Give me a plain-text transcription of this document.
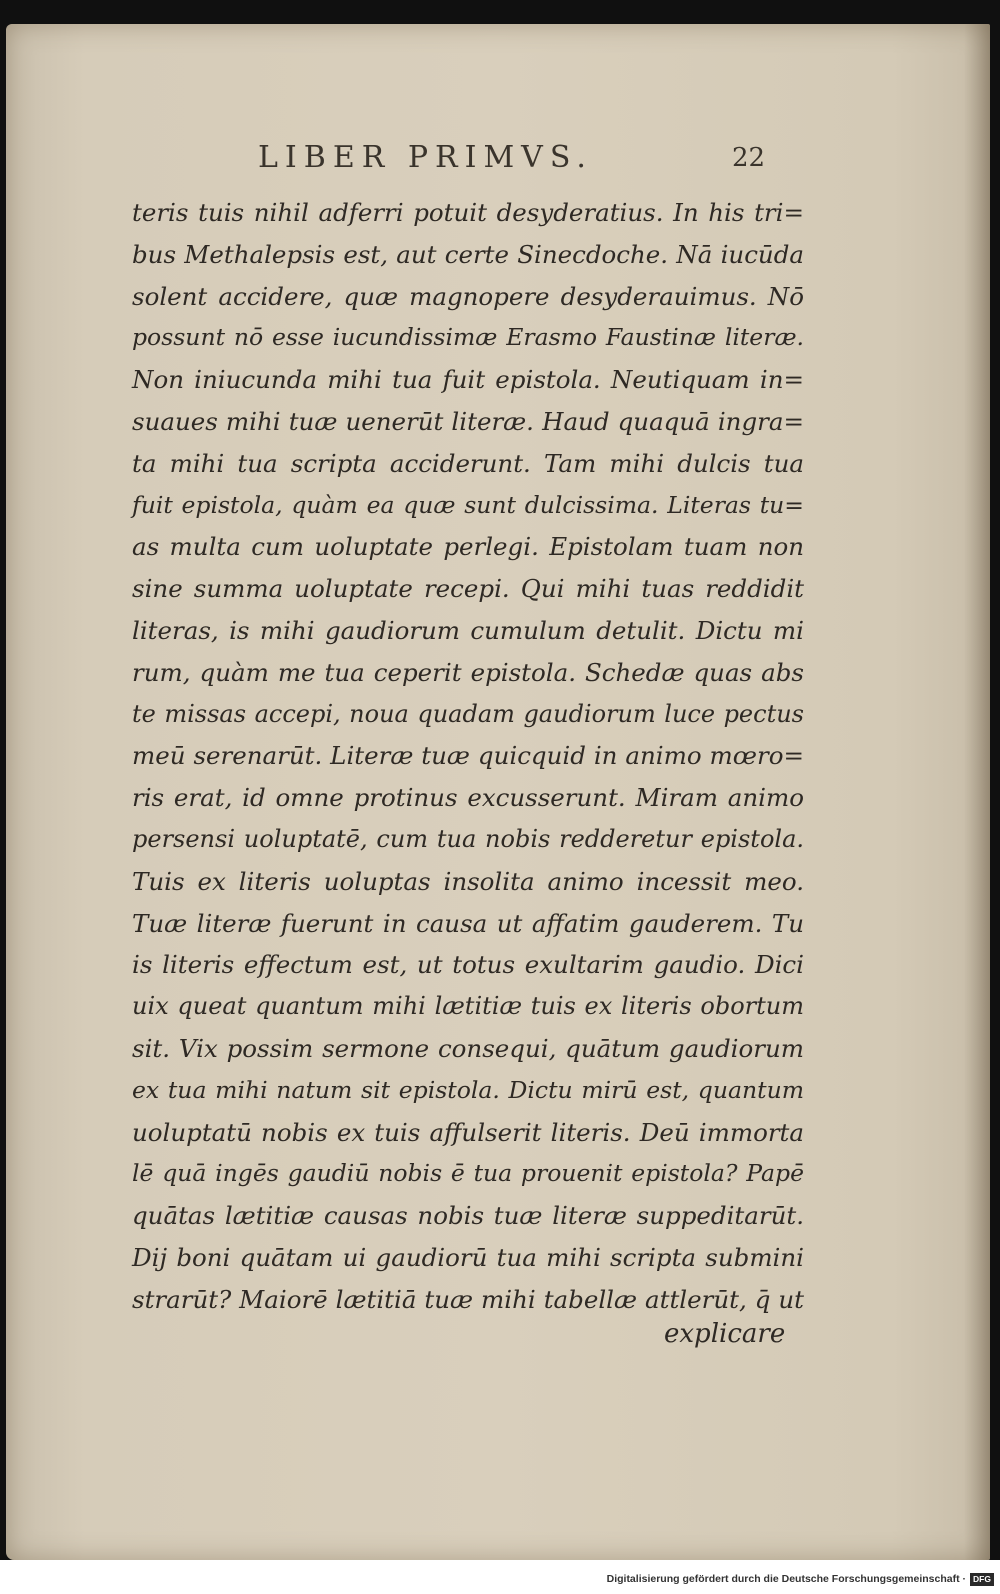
LIBER PRIMVS.	22
teris tuis nihil adferri potuit desyderatius. In his tri=
bus Methalepsis est, aut certe Sinecdoche. Nā iucūda
solent accidere, quæ magnopere desyderauimus. Nō
possunt nō esse iucundissimæ Erasmo Faustinæ literæ.
Non iniucunda mihi tua fuit epistola. Neutiquam in=
suaues mihi tuæ uenerūt literæ. Haud quaquā ingra=
ta mihi tua scripta acciderunt. Tam mihi dulcis tua
fuit epistola, quàm ea quæ sunt dulcissima. Literas tu=
as multa cum uoluptate perlegi. Epistolam tuam non
sine summa uoluptate recepi. Qui mihi tuas reddidit
literas, is mihi gaudiorum cumulum detulit. Dictu mi
rum, quàm me tua ceperit epistola. Schedæ quas abs
te missas accepi, noua quadam gaudiorum luce pectus
meū serenarūt. Literæ tuæ quicquid in animo mœro=
ris erat, id omne protinus excusserunt. Miram animo
persensi uoluptatē, cum tua nobis redderetur epistola.
Tuis ex literis uoluptas insolita animo incessit meo.
Tuæ literæ fuerunt in causa ut affatim gauderem. Tu
is literis effectum est, ut totus exultarim gaudio. Dici
uix queat quantum mihi lætitiæ tuis ex literis obortum
sit. Vix possim sermone consequi, quātum gaudiorum
ex tua mihi natum sit epistola. Dictu mirū est, quantum
uoluptatū nobis ex tuis affulserit literis. Deū immorta
lē quā ingēs gaudiū nobis ē tua prouenit epistola? Papē
quātas lætitiæ causas nobis tuæ literæ suppeditarūt.
Dij boni quātam ui gaudiorū tua mihi scripta submini
strarūt? Maiorē lætitiā tuæ mihi tabellæ attlerūt, q̄ ut
explicare
Digitalisierung gefördert durch die Deutsche Forschungsgemeinschaft · DFG
